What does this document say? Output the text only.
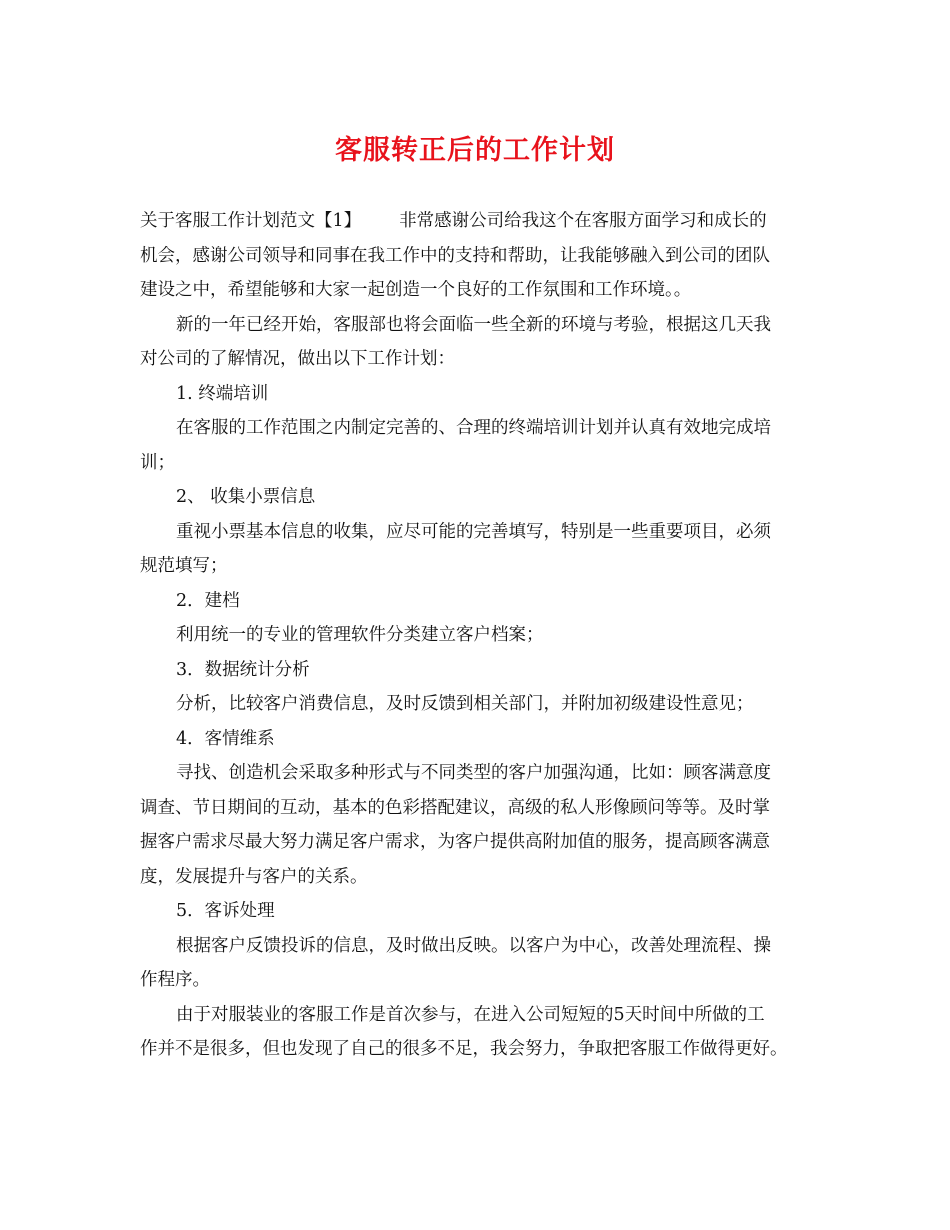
客服转正后的工作计划
关于客服工作计划范文【1】 非常感谢公司给我这个在客服方面学习和成长的
机会，感谢公司领导和同事在我工作中的支持和帮助，让我能够融入到公司的团队
建设之中，希望能够和大家一起创造一个良好的工作氛围和工作环境。。
新的一年已经开始，客服部也将会面临一些全新的环境与考验，根据这几天我
对公司的了解情况，做出以下工作计划：
1. 终端培训
在客服的工作范围之内制定完善的、合理的终端培训计划并认真有效地完成培
训；
2、 收集小票信息
重视小票基本信息的收集，应尽可能的完善填写，特别是一些重要项目，必须
规范填写；
2．建档
利用统一的专业的管理软件分类建立客户档案；
3．数据统计分析
分析，比较客户消费信息，及时反馈到相关部门，并附加初级建设性意见；
4．客情维系
寻找、创造机会采取多种形式与不同类型的客户加强沟通，比如：顾客满意度
调查、节日期间的互动，基本的色彩搭配建议，高级的私人形像顾问等等。及时掌
握客户需求尽最大努力满足客户需求，为客户提供高附加值的服务，提高顾客满意
度，发展提升与客户的关系。
5．客诉处理
根据客户反馈投诉的信息，及时做出反映。以客户为中心，改善处理流程、操
作程序。
由于对服装业的客服工作是首次参与，在进入公司短短的5天时间中所做的工
作并不是很多，但也发现了自己的很多不足，我会努力，争取把客服工作做得更好。
